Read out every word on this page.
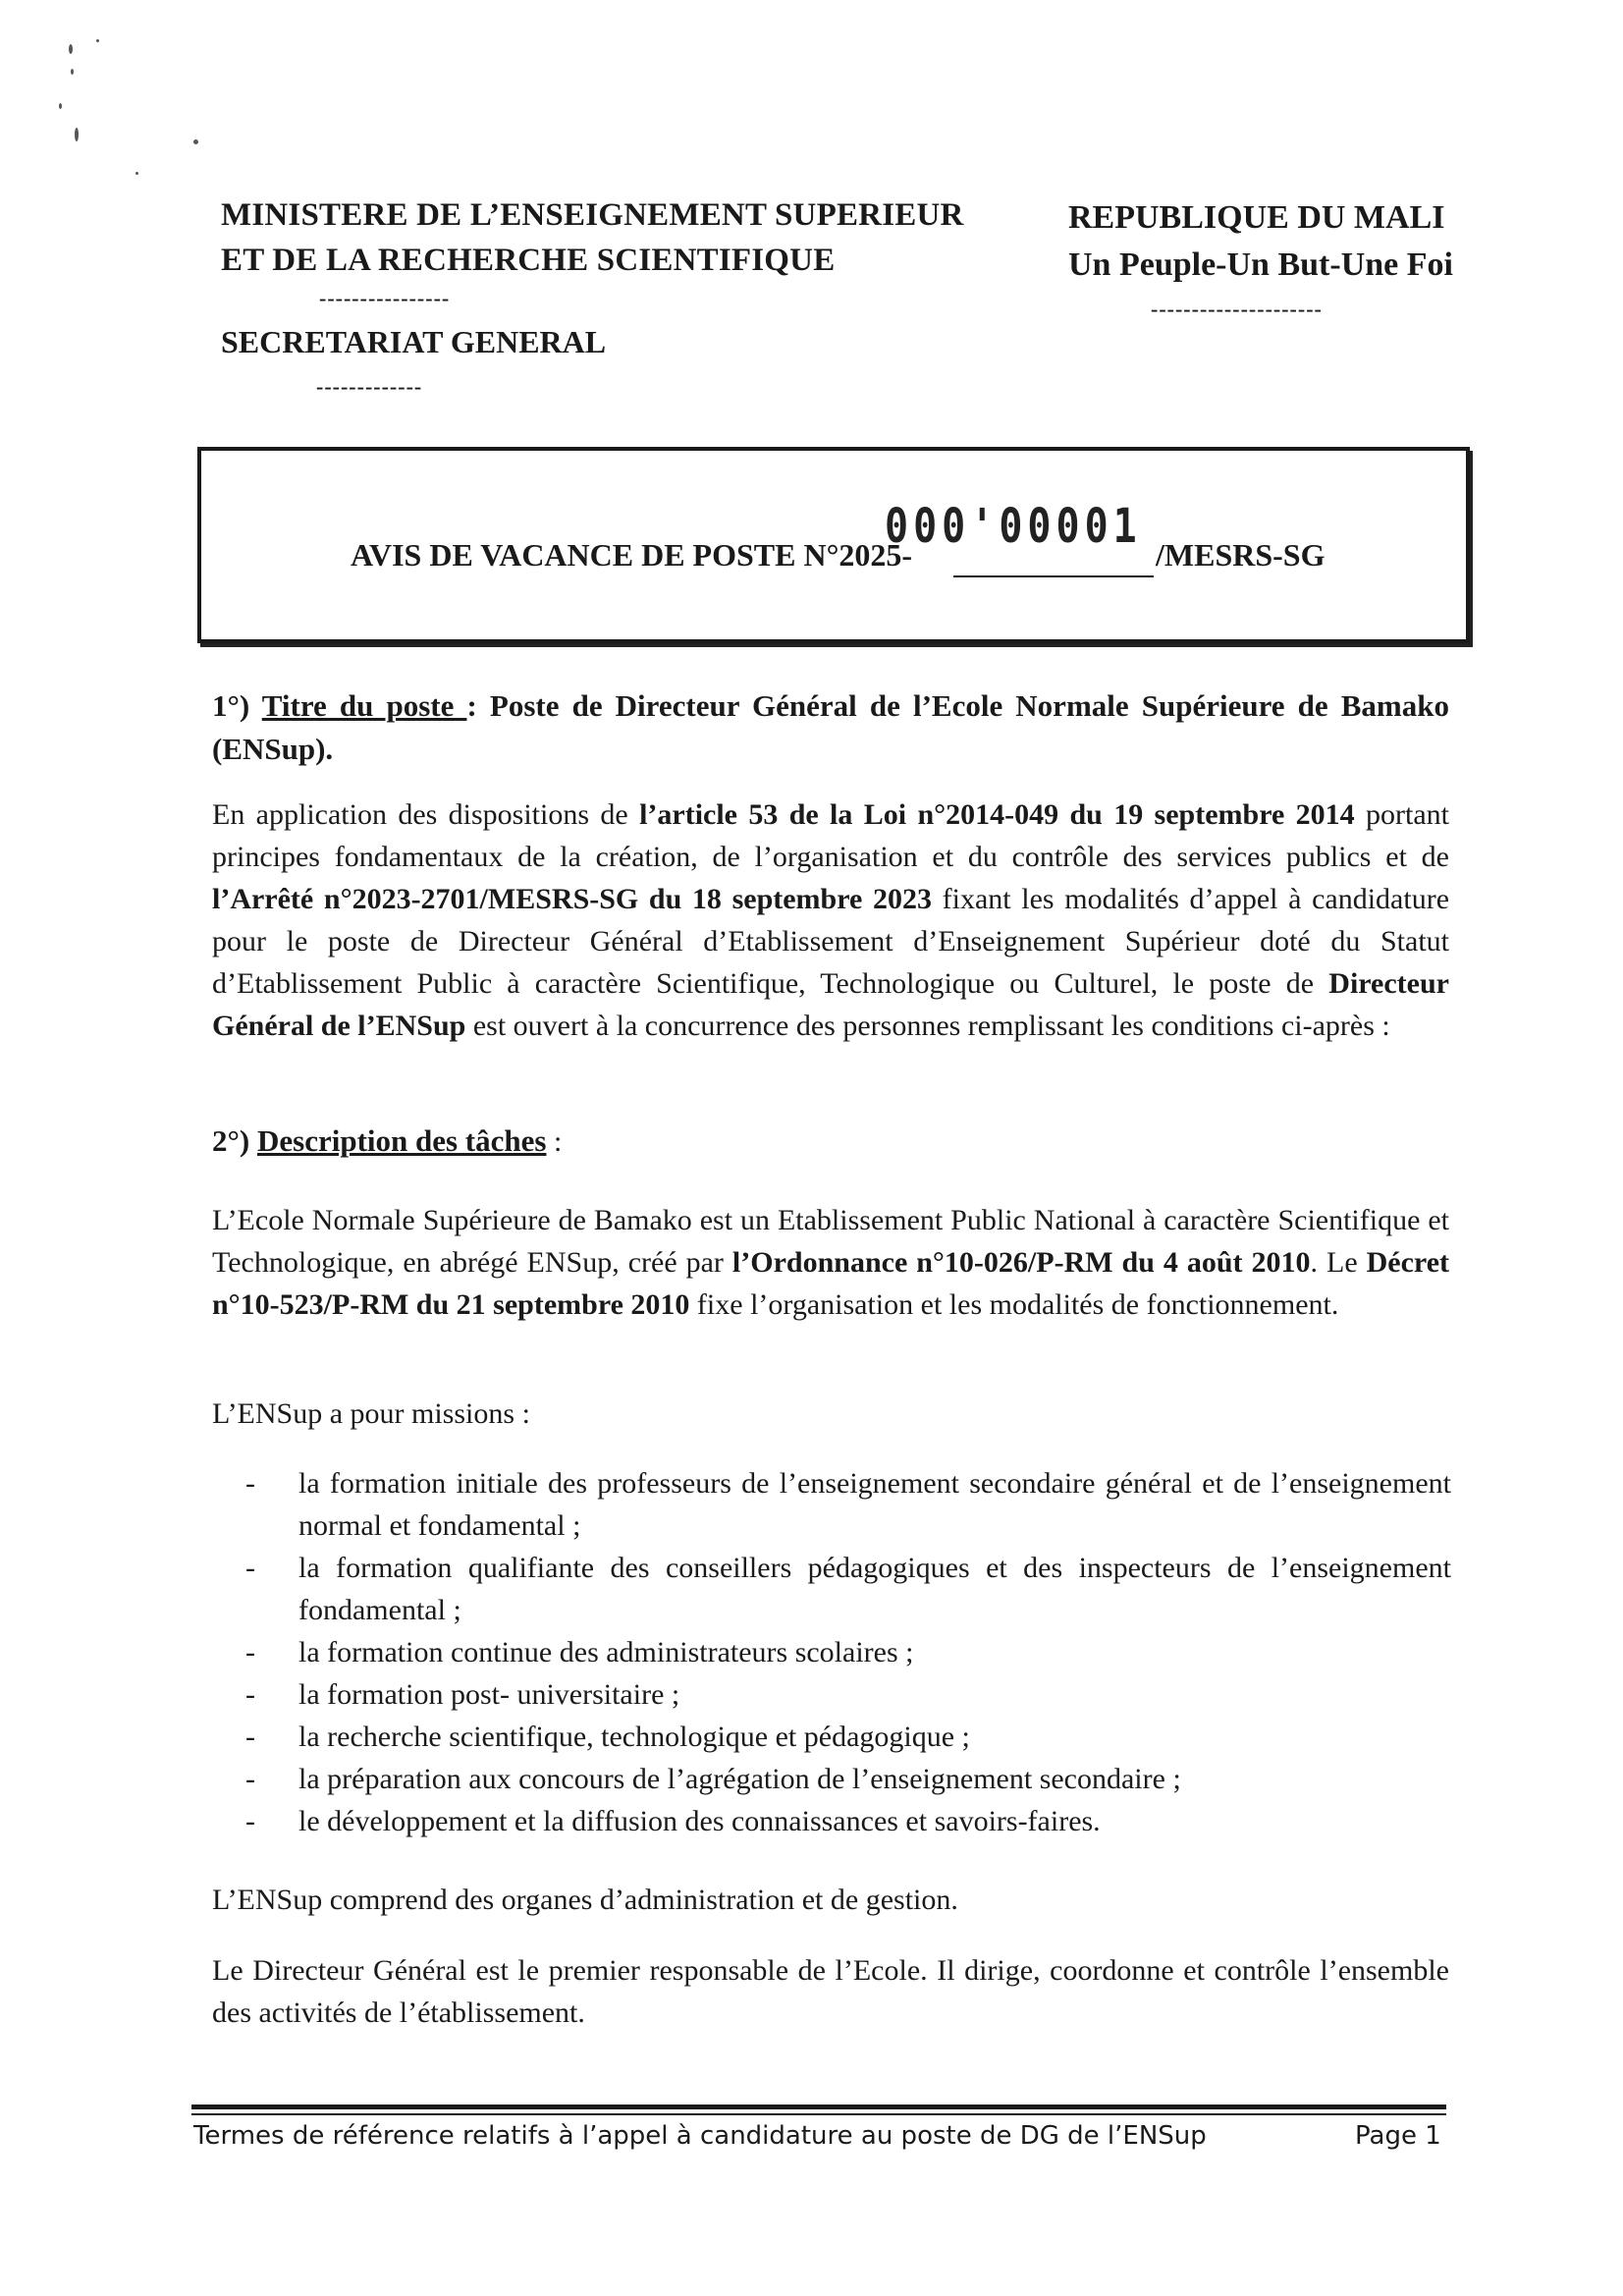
MINISTERE DE L’ENSEIGNEMENT SUPERIEUR
ET DE LA RECHERCHE SCIENTIFIQUE
----------------
SECRETARIAT GENERAL
-------------
REPUBLIQUE DU MALI
Un Peuple-Un But-Une Foi
---------------------
AVIS DE VACANCE DE POSTE N°2025-	/MESRS-SG
000'00001
1°) Titre du poste : Poste de Directeur Général de l’Ecole Normale Supérieure de Bamako (ENSup).
En application des dispositions de l’article 53 de la Loi n°2014-049 du 19 septembre 2014 portant principes fondamentaux de la création, de l’organisation et du contrôle des services publics et de l’Arrêté n°2023-2701/MESRS-SG du 18 septembre 2023 fixant les modalités d’appel à candidature pour le poste de Directeur Général d’Etablissement d’Enseignement Supérieur doté du Statut d’Etablissement Public à caractère Scientifique, Technologique ou Culturel, le poste de Directeur Général de l’ENSup est ouvert à la concurrence des personnes remplissant les conditions ci-après :
2°) Description des tâches :
L’Ecole Normale Supérieure de Bamako est un Etablissement Public National à caractère Scientifique et Technologique, en abrégé ENSup, créé par l’Ordonnance n°10-026/P-RM du 4 août 2010. Le Décret n°10-523/P-RM du 21 septembre 2010 fixe l’organisation et les modalités de fonctionnement.
L’ENSup a pour missions :
- la formation initiale des professeurs de l’enseignement secondaire général et de l’enseignement normal et fondamental ;
- la formation qualifiante des conseillers pédagogiques et des inspecteurs de l’enseignement fondamental ;
- la formation continue des administrateurs scolaires ;
- la formation post- universitaire ;
- la recherche scientifique, technologique et pédagogique ;
- la préparation aux concours de l’agrégation de l’enseignement secondaire ;
- le développement et la diffusion des connaissances et savoirs-faires.
L’ENSup comprend des organes d’administration et de gestion.
Le Directeur Général est le premier responsable de l’Ecole. Il dirige, coordonne et contrôle l’ensemble des activités de l’établissement.
Termes de référence relatifs à l’appel à candidature au poste de DG de l’ENSup	Page 1
